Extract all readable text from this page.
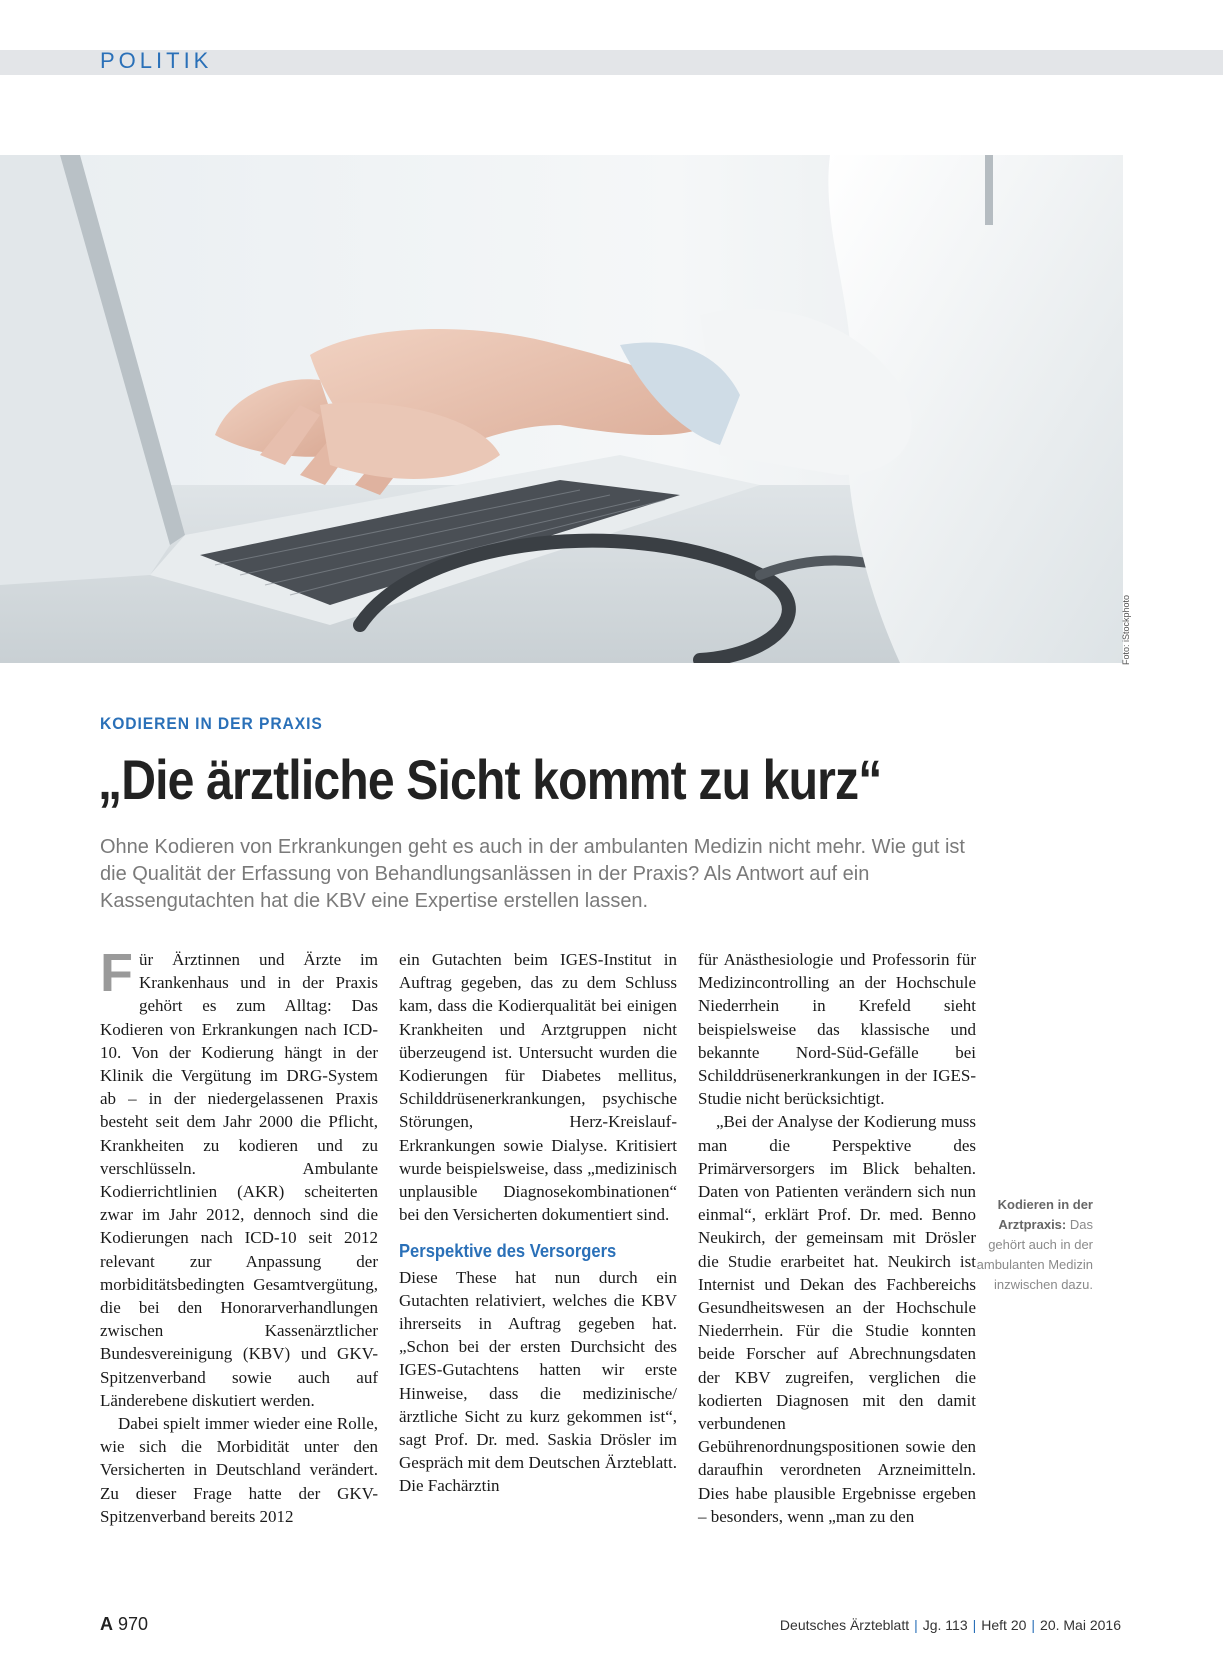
POLITIK
Foto: iStockphoto
KODIEREN IN DER PRAXIS
„Die ärztliche Sicht kommt zu kurz“
Ohne Kodieren von Erkrankungen geht es auch in der ambulanten Medizin nicht mehr. Wie gut ist die Qualität der Erfassung von Behandlungsanlässen in der Praxis? Als Antwort auf ein Kassengutachten hat die KBV eine Expertise erstellen lassen.

Für Ärztinnen und Ärzte im Krankenhaus und in der Praxis gehört es zum Alltag: Das Kodieren von Erkrankungen nach ICD-10. Von der Kodierung hängt in der Klinik die Vergütung im DRG-System ab – in der niedergelassenen Praxis besteht seit dem Jahr 2000 die Pflicht, Krankheiten zu kodieren und zu verschlüsseln. Ambulante Kodierrichtlinien (AKR) scheiterten zwar im Jahr 2012, dennoch sind die Kodierungen nach ICD-10 seit 2012 relevant zur Anpassung der morbiditätsbedingten Gesamtvergütung, die bei den Honorarverhandlungen zwischen Kassenärztlicher Bundesvereinigung (KBV) und GKV-Spitzenverband sowie auch auf Länderebene diskutiert werden.

Dabei spielt immer wieder eine Rolle, wie sich die Morbidität unter den Versicherten in Deutschland verändert. Zu dieser Frage hatte der GKV-Spitzenverband bereits 2012

ein Gutachten beim IGES-Institut in Auftrag gegeben, das zu dem Schluss kam, dass die Kodierqualität bei einigen Krankheiten und Arztgruppen nicht überzeugend ist. Untersucht wurden die Kodierungen für Diabetes mellitus, Schilddrüsenerkrankungen, psychische Störungen, Herz-Kreislauf-Erkrankungen sowie Dialyse. Kritisiert wurde beispielsweise, dass „medizinisch unplausible Diagnosekombinationen“ bei den Versicherten dokumentiert sind.

Perspektive des Versorgers

Diese These hat nun durch ein Gutachten relativiert, welches die KBV ihrerseits in Auftrag gegeben hat. „Schon bei der ersten Durchsicht des IGES-Gutachtens hatten wir erste Hinweise, dass die medizinische/ärztliche Sicht zu kurz gekommen ist“, sagt Prof. Dr. med. Saskia Drösler im Gespräch mit dem Deutschen Ärzteblatt. Die Fachärztin

für Anästhesiologie und Professorin für Medizincontrolling an der Hochschule Niederrhein in Krefeld sieht beispielsweise das klassische und bekannte Nord-Süd-Gefälle bei Schilddrüsenerkrankungen in der IGES-Studie nicht berücksichtigt.

„Bei der Analyse der Kodierung muss man die Perspektive des Primärversorgers im Blick behalten. Daten von Patienten verändern sich nun einmal“, erklärt Prof. Dr. med. Benno Neukirch, der gemeinsam mit Drösler die Studie erarbeitet hat. Neukirch ist Internist und Dekan des Fachbereichs Gesundheitswesen an der Hochschule Niederrhein. Für die Studie konnten beide Forscher auf Abrechnungsdaten der KBV zugreifen, verglichen die kodierten Diagnosen mit den damit verbundenen Gebührenordnungspositionen sowie den daraufhin verordneten Arzneimitteln. Dies habe plausible Ergebnisse ergeben – besonders, wenn „man zu den

Kodieren in der Arztpraxis: Das gehört auch in der ambulanten Medizin inzwischen dazu.
A 970	Deutsches Ärzteblatt | Jg. 113 | Heft 20 | 20. Mai 2016
